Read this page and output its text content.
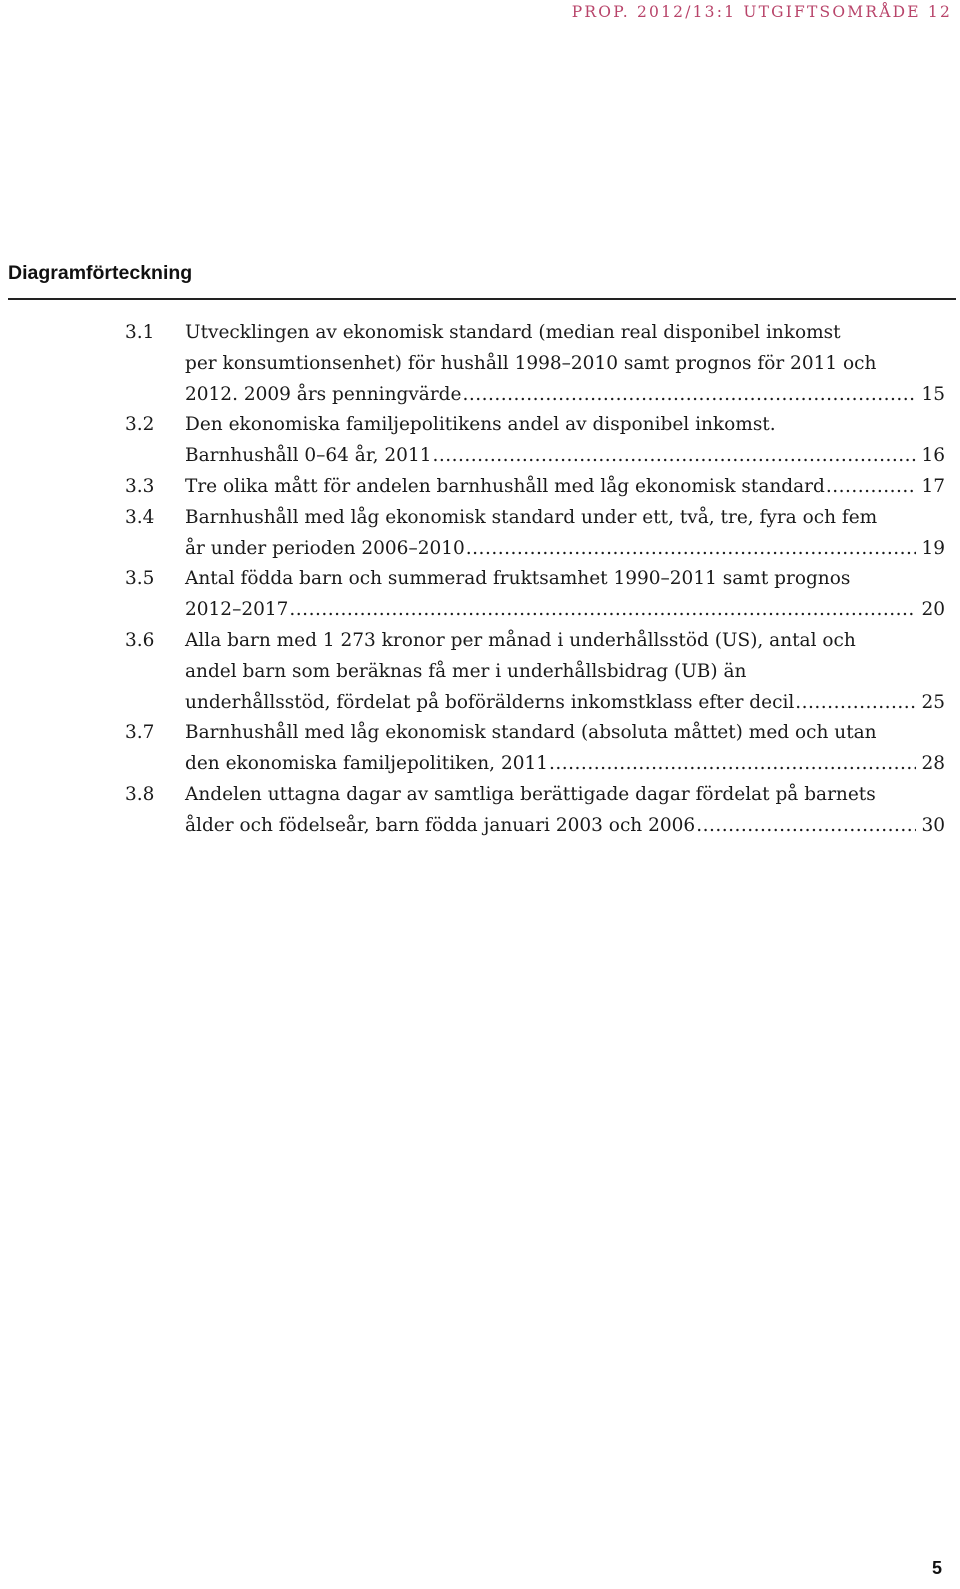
PROP. 2012/13:1 UTGIFTSOMRÅDE 12
Diagramförteckning
3.1	Utvecklingen av ekonomisk standard (median real disponibel inkomst
per konsumtionsenhet) för hushåll 1998–2010 samt prognos för 2011 och
2012. 2009 års penningvärde .....	15
3.2	Den ekonomiska familjepolitikens andel av disponibel inkomst.
Barnhushåll 0–64 år, 2011 .....	16
3.3	Tre olika mått för andelen barnhushåll med låg ekonomisk standard .....	17
3.4	Barnhushåll med låg ekonomisk standard under ett, två, tre, fyra och fem
år under perioden 2006–2010 .....	19
3.5	Antal födda barn och summerad fruktsamhet 1990–2011 samt prognos
2012–2017 .....	20
3.6	Alla barn med 1 273 kronor per månad i underhållsstöd (US), antal och
andel barn som beräknas få mer i underhållsbidrag (UB) än
underhållsstöd, fördelat på boförälderns inkomstklass efter decil .....	25
3.7	Barnhushåll med låg ekonomisk standard (absoluta måttet) med och utan
den ekonomiska familjepolitiken, 2011 .....	28
3.8	Andelen uttagna dagar av samtliga berättigade dagar fördelat på barnets
ålder och födelseår, barn födda januari 2003 och 2006 .....	30
5
